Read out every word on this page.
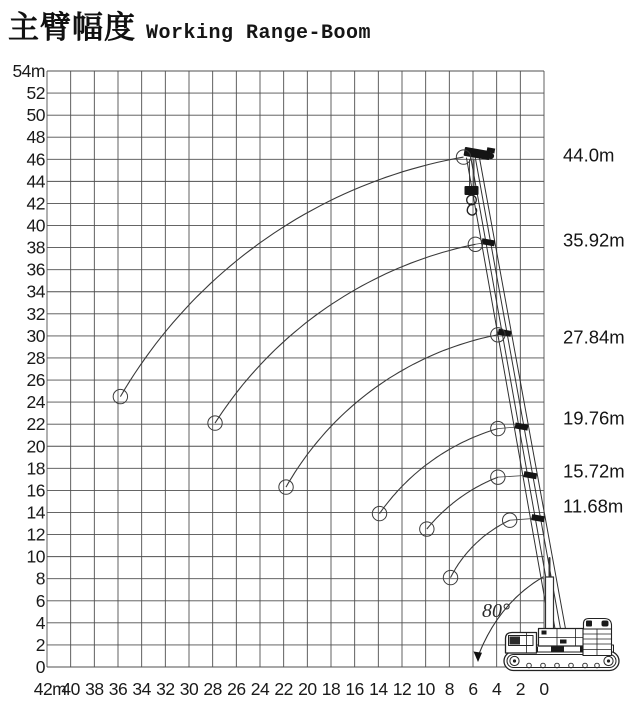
主臂幅度 Working Range-Boom
42m
40 38 36 34 32 30 28 26 24 22 20 18 16 14 12 10 8 6 4 2 0
54m
52
50
48
46
44
42
40
38
36
34
32
30
28
26
24
22
20
18
16
14
12
10
8
6
4
2
0
44.0m
35.92m
27.84m
19.76m
15.72m
11.68m
80°
